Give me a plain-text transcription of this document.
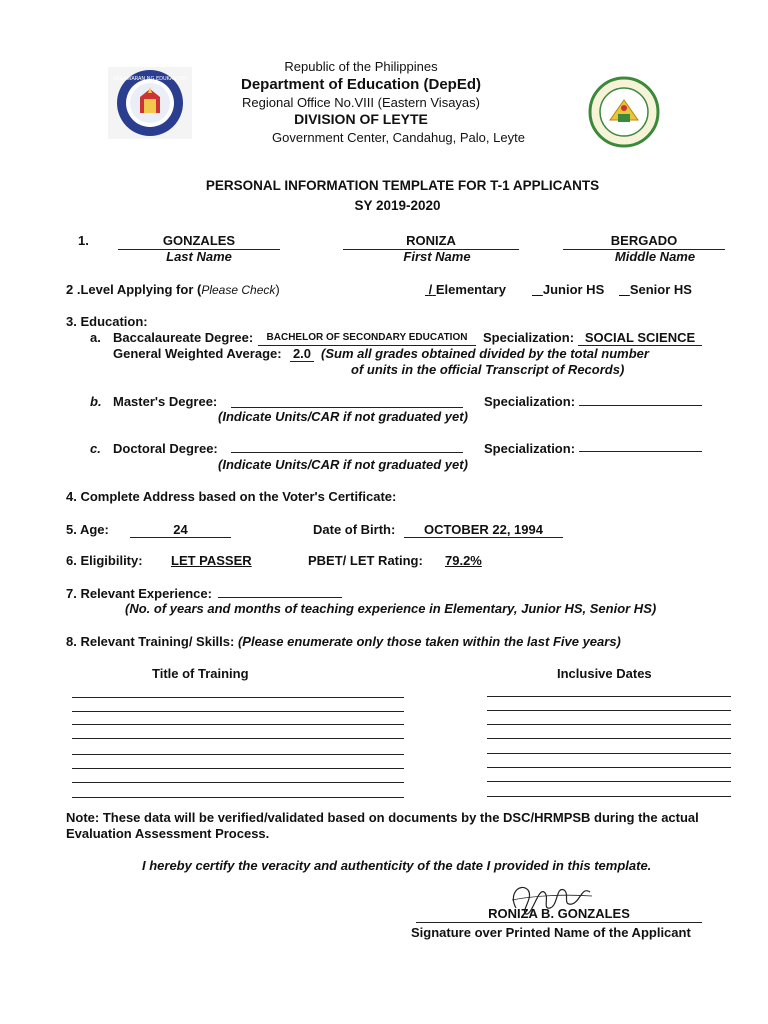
KAGAWARAN NG EDUKASYON
Republic of the Philippines
Department of Education (DepEd)
Regional Office No.VIII (Eastern Visayas)
DIVISION OF LEYTE
Government Center, Candahug, Palo, Leyte
PERSONAL INFORMATION TEMPLATE FOR T-1 APPLICANTS
SY 2019-2020
1.	GONZALES
Last Name
RONIZA
First Name
BERGADO
Middle Name
2 .Level Applying for (Please Check)	/ Elementary	Junior HS	Senior HS
3. Education:
a. Baccalaureate Degree:	BACHELOR OF SECONDARY EDUCATION	Specialization: SOCIAL SCIENCE
General Weighted Average: 2.0 (Sum all grades obtained divided by the total number
of units in the official Transcript of Records)
b. Master's Degree:	Specialization:
(Indicate Units/CAR if not graduated yet)
c. Doctoral Degree:	Specialization:
(Indicate Units/CAR if not graduated yet)
4. Complete Address based on the Voter's Certificate:
5. Age:	24	Date of Birth:	OCTOBER 22, 1994
6. Eligibility: LET PASSER	PBET/ LET Rating: 79.2%
7. Relevant Experience:
(No. of years and months of teaching experience in Elementary, Junior HS, Senior HS)
8. Relevant Training/ Skills: (Please enumerate only those taken within the last Five years)
Title of Training	Inclusive Dates
Note: These data will be verified/validated based on documents by the DSC/HRMPSB during the actual
Evaluation Assessment Process.
I hereby certify the veracity and authenticity of the date I provided in this template.
RONIZA B. GONZALES
Signature over Printed Name of the Applicant
